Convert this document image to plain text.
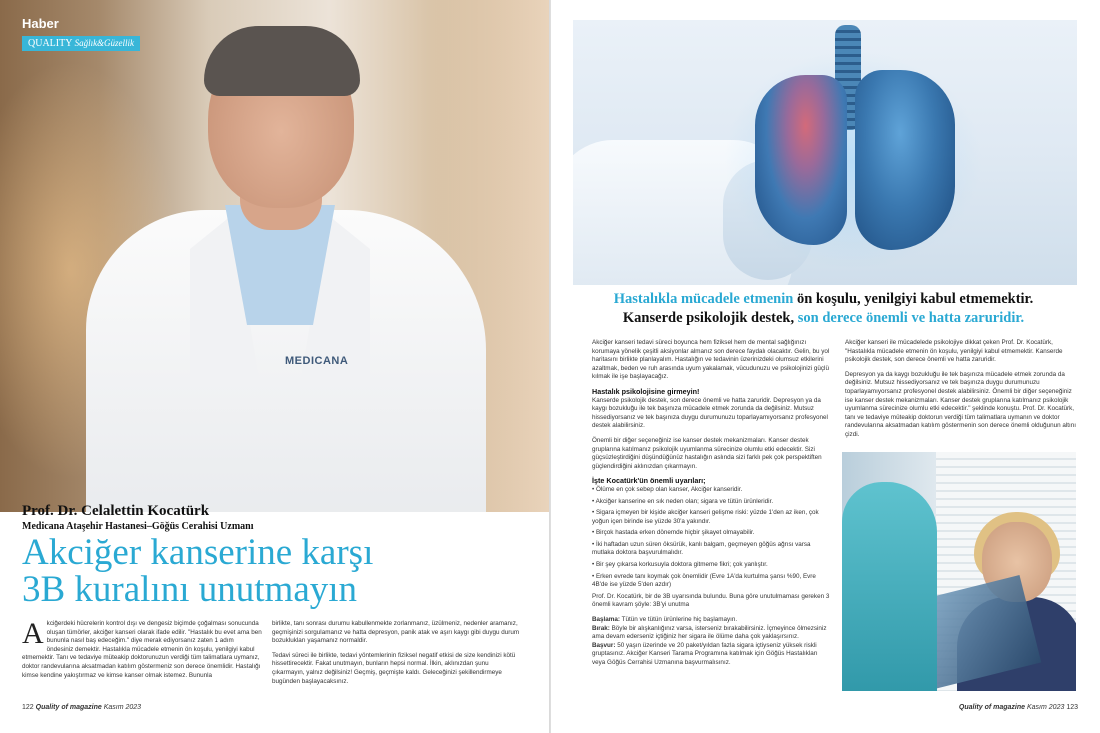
MEDICANA
Haber
QUALITY Sağlık&Güzellik
Prof. Dr. Celalettin Kocatürk
Medicana Ataşehir Hastanesi–Göğüs Cerahisi Uzmanı
Akciğer kanserine karşı
3B kuralını unutmayın
A kciğerdeki hücrelerin kontrol dışı ve dengesiz biçimde çoğalması sonucunda oluşan tümörler, akciğer kanseri olarak ifade edilir. "Hastalık bu evet ama ben bununla nasıl baş edeceğim." diye merak ediyorsanız zaten 1 adım öndesiniz demektir. Hastalıkla mücadele etmenin ön koşulu, yenilgiyi kabul etmemektir. Tanı ve tedaviye müteakip doktorunuzun verdiği tüm talimatlara uymanız, doktor randevularına aksatmadan katılım göstermeniz son derece önemlidir. Hastalığı kimse kendine yakıştırmaz ve kimse kanser olmak istemez. Bununla

birlikte, tanı sonrası durumu kabullenmekte zorlanmanız, üzülmeniz, nedenler aramanız, geçmişinizi sorgulamanız ve hatta depresyon, panik atak ve aşırı kaygı gibi duygu durum bozuklukları yaşamanız normaldir.

Tedavi süreci ile birlikte, tedavi yöntemlerinin fiziksel negatif etkisi de size kendinizi kötü hissettirecektir. Fakat unutmayın, bunların hepsi normal. İlkin, aklınızdan şunu çıkarmayın, yalnız değilsiniz! Geçmiş, geçmişte kaldı. Geleceğinizi şekillendirmeye bugünden başlayacaksınız.

122 Quality of magazine Kasım 2023
Hastalıkla mücadele etmenin ön koşulu, yenilgiyi kabul etmemektir.
Kanserde psikolojik destek, son derece önemli ve hatta zaruridir.

Akciğer kanseri tedavi süreci boyunca hem fiziksel hem de mental sağlığınızı korumaya yönelik çeşitli aksiyonlar almanız son derece faydalı olacaktır. Gelin, bu yol haritasını birlikte planlayalım. Hastalığın ve tedavinin üzerinizdeki olumsuz etkilerini azaltmak, beden ve ruh arasında uyum yakalamak, vücudunuzu ve psikolojinizi güçlü kılmak ile işe başlayacağız.

Hastalık psikolojisine girmeyin!

Kanserde psikolojik destek, son derece önemli ve hatta zaruridir. Depresyon ya da kaygı bozukluğu ile tek başınıza mücadele etmek zorunda da değilsiniz. Mutsuz hissediyorsanız ve tek başınıza duygu durumunuzu toparlayamıyorsanız profesyonel destek alabilirsiniz.

Önemli bir diğer seçeneğiniz ise kanser destek mekanizmaları. Kanser destek gruplarına katılmanız psikolojik uyumlanma sürecinize olumlu etki edecektir. Sizi güçsüzleştirdiğini düşündüğünüz hastalığın aslında sizi farklı pek çok perspektiften güçlendirdiğini aklınızdan çıkarmayın.

İşte Kocatürk'ün önemli uyarıları;
• Ölüme en çok sebep olan kanser, Akciğer kanseridir.
• Akciğer kanserine en sık neden olan; sigara ve tütün ürünleridir.
• Sigara içmeyen bir kişide akciğer kanseri gelişme riski: yüzde 1'den az iken, çok yoğun içen birinde ise yüzde 30'a yakındır.
• Birçok hastada erken dönemde hiçbir şikayet olmayabilir.
• İki haftadan uzun süren öksürük, kanlı balgam, geçmeyen göğüs ağrısı varsa mutlaka doktora başvurulmalıdır.
• Bir şey çıkarsa korkusuyla doktora gitmeme fikri; çok yanlıştır.
• Erken evrede tanı koymak çok önemlidir (Evre 1A'da kurtulma şansı %90, Evre 4B'de ise yüzde 5'den azdır)

Prof. Dr. Kocatürk, bir de 3B uyarısında bulundu. Buna göre unutulmaması gereken 3 önemli kavram şöyle: 3B'yi unutma

Başlama: Tütün ve tütün ürünlerine hiç başlamayın.
Bırak: Böyle bir alışkanlığınız varsa, isterseniz bırakabilirsiniz. İçmeyince ölmezsiniz ama devam ederseniz içtiğiniz her sigara ile ölüme daha çok yaklaşırsınız.
Başvur: 50 yaşın üzerinde ve 20 paket/yıldan fazla sigara içtiyseniz yüksek riskli gruptasınız. Akciğer Kanseri Tarama Programına katılmak için Göğüs Hastalıkları veya Göğüs Cerrahisi Uzmanına başvurmalısınız.

Akciğer kanseri ile mücadelede psikolojiye dikkat çeken Prof. Dr. Kocatürk, "Hastalıkla mücadele etmenin ön koşulu, yenilgiyi kabul etmemektir. Kanserde psikolojik destek, son derece önemli ve hatta zaruridir.

Depresyon ya da kaygı bozukluğu ile tek başınıza mücadele etmek zorunda da değilsiniz. Mutsuz hissediyorsanız ve tek başınıza duygu durumunuzu toparlayamıyorsanız profesyonel destek alabilirsiniz. Önemli bir diğer seçeneğiniz ise kanser destek mekanizmaları. Kanser destek gruplarına katılmanız psikolojik uyumlanma sürecinize olumlu etki edecektir." şeklinde konuştu. Prof. Dr. Kocatürk, tanı ve tedaviye müteakip doktorun verdiği tüm talimatlara uymanın ve doktor randevularına aksatmadan katılım göstermenin son derece önemli olduğunun altını çizdi.

Quality of magazine Kasım 2023 123
